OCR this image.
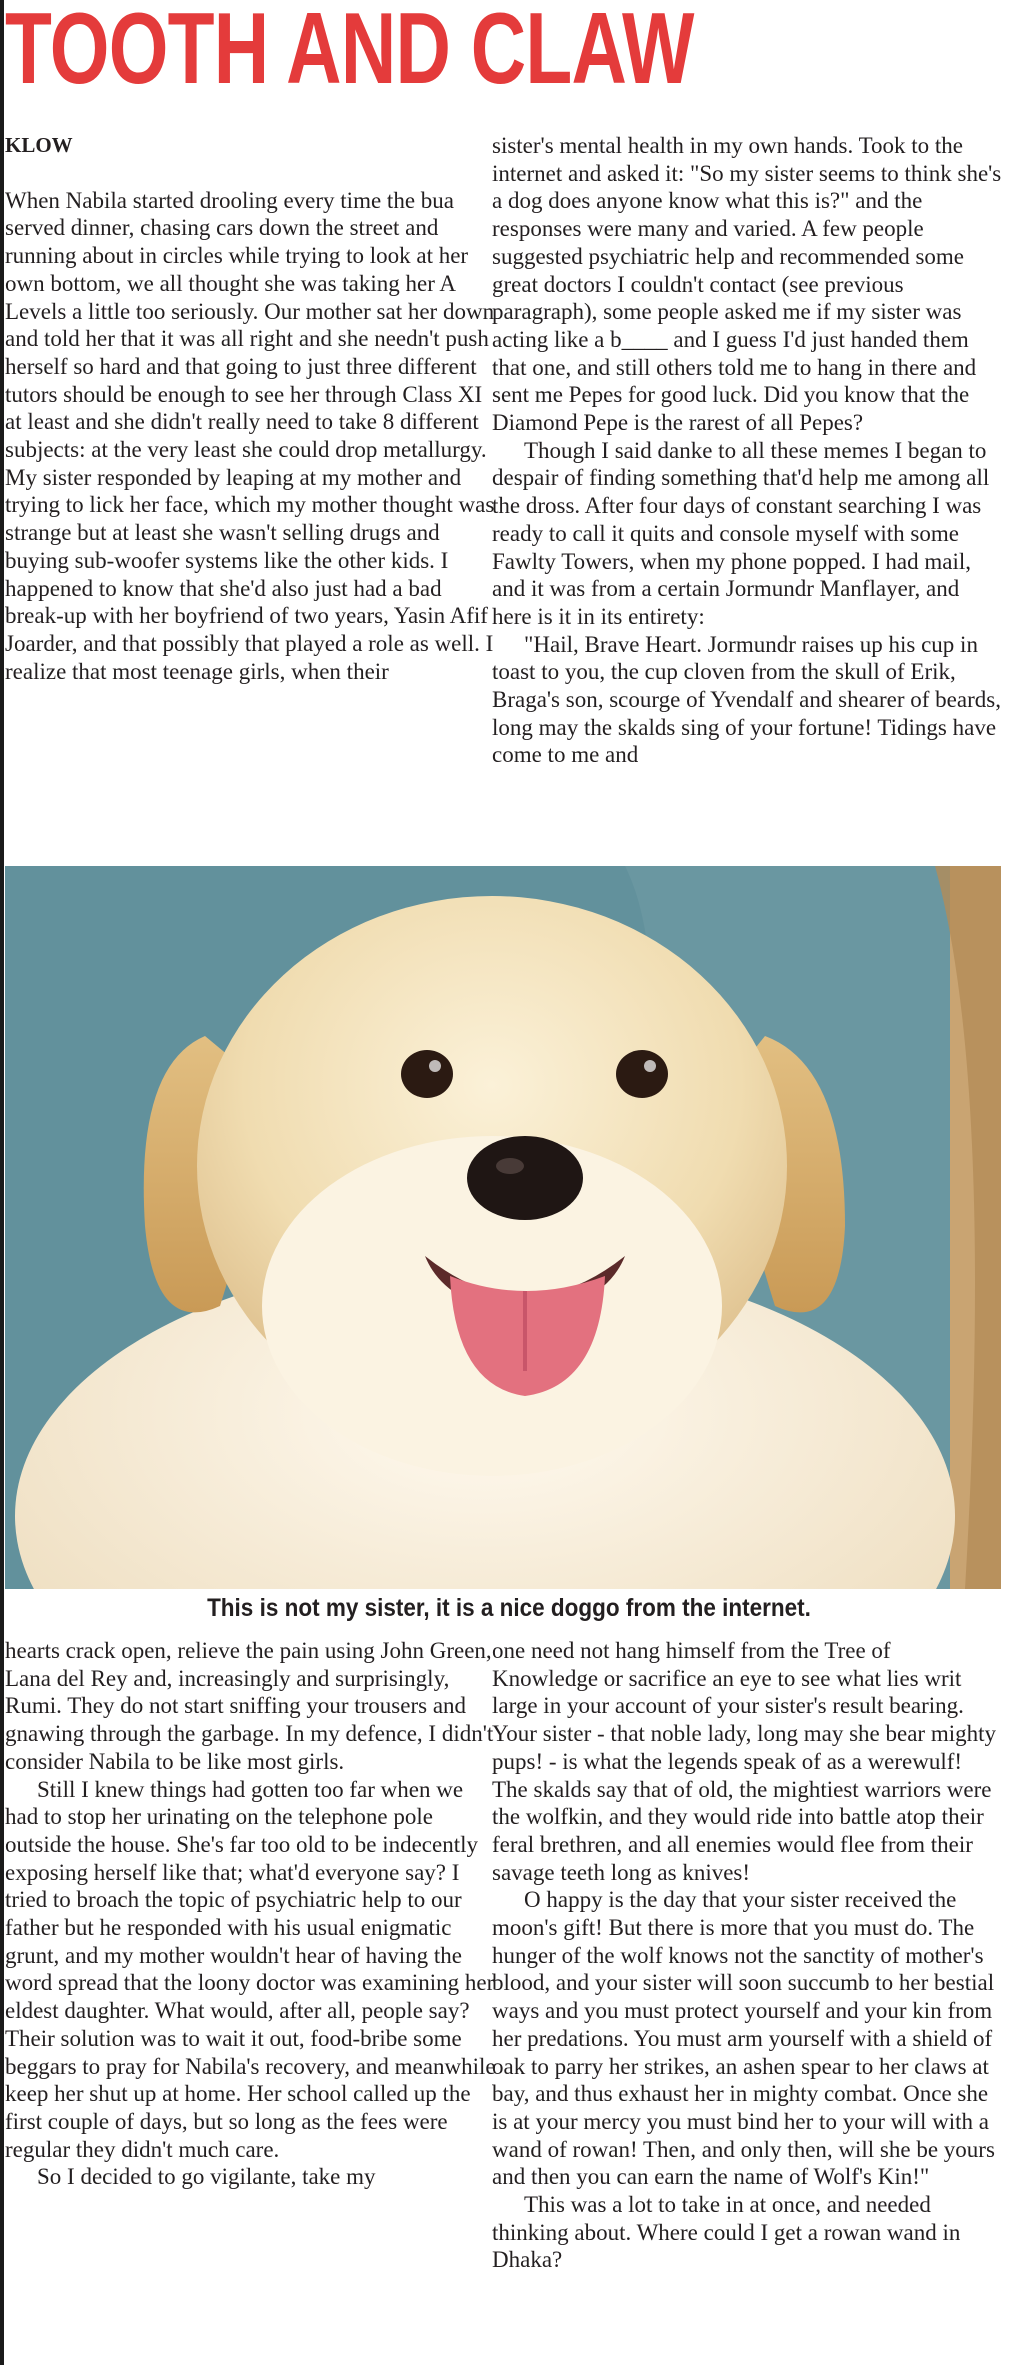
TOOTH AND CLAW

KLOW

When Nabila started drooling every time the bua served dinner, chasing cars down the street and running about in circles while trying to look at her own bottom, we all thought she was taking her A Levels a little too seriously. Our mother sat her down and told her that it was all right and she needn't push herself so hard and that going to just three different tutors should be enough to see her through Class XI at least and she didn't really need to take 8 different subjects: at the very least she could drop metallurgy. My sister responded by leaping at my mother and trying to lick her face, which my mother thought was strange but at least she wasn't selling drugs and buying sub-woofer systems like the other kids. I happened to know that she'd also just had a bad break-up with her boyfriend of two years, Yasin Afif Joarder, and that possibly that played a role as well. I realize that most teenage girls, when their

sister's mental health in my own hands. Took to the internet and asked it: "So my sister seems to think she's a dog does anyone know what this is?" and the responses were many and varied. A few people suggested psychiatric help and recommended some great doctors I couldn't contact (see previous paragraph), some people asked me if my sister was acting like a b____ and I guess I'd just handed them that one, and still others told me to hang in there and sent me Pepes for good luck. Did you know that the Diamond Pepe is the rarest of all Pepes?

Though I said danke to all these memes I began to despair of finding something that'd help me among all the dross. After four days of constant searching I was ready to call it quits and console myself with some Fawlty Towers, when my phone popped. I had mail, and it was from a certain Jormundr Manflayer, and here is it in its entirety:

"Hail, Brave Heart. Jormundr raises up his cup in toast to you, the cup cloven from the skull of Erik, Braga's son, scourge of Yvendalf and shearer of beards, long may the skalds sing of your fortune! Tidings have come to me and

This is not my sister, it is a nice doggo from the internet.

hearts crack open, relieve the pain using John Green, Lana del Rey and, increasingly and surprisingly, Rumi. They do not start sniffing your trousers and gnawing through the garbage. In my defence, I didn't consider Nabila to be like most girls.

Still I knew things had gotten too far when we had to stop her urinating on the telephone pole outside the house. She's far too old to be indecently exposing herself like that; what'd everyone say? I tried to broach the topic of psychiatric help to our father but he responded with his usual enigmatic grunt, and my mother wouldn't hear of having the word spread that the loony doctor was examining her eldest daughter. What would, after all, people say? Their solution was to wait it out, food-bribe some beggars to pray for Nabila's recovery, and meanwhile keep her shut up at home. Her school called up the first couple of days, but so long as the fees were regular they didn't much care.

So I decided to go vigilante, take my

one need not hang himself from the Tree of Knowledge or sacrifice an eye to see what lies writ large in your account of your sister's result bearing. Your sister - that noble lady, long may she bear mighty pups! - is what the legends speak of as a werewulf! The skalds say that of old, the mightiest warriors were the wolfkin, and they would ride into battle atop their feral brethren, and all enemies would flee from their savage teeth long as knives!

O happy is the day that your sister received the moon's gift! But there is more that you must do. The hunger of the wolf knows not the sanctity of mother's blood, and your sister will soon succumb to her bestial ways and you must protect yourself and your kin from her predations. You must arm yourself with a shield of oak to parry her strikes, an ashen spear to her claws at bay, and thus exhaust her in mighty combat. Once she is at your mercy you must bind her to your will with a wand of rowan! Then, and only then, will she be yours and then you can earn the name of Wolf's Kin!"

This was a lot to take in at once, and needed thinking about. Where could I get a rowan wand in Dhaka?
